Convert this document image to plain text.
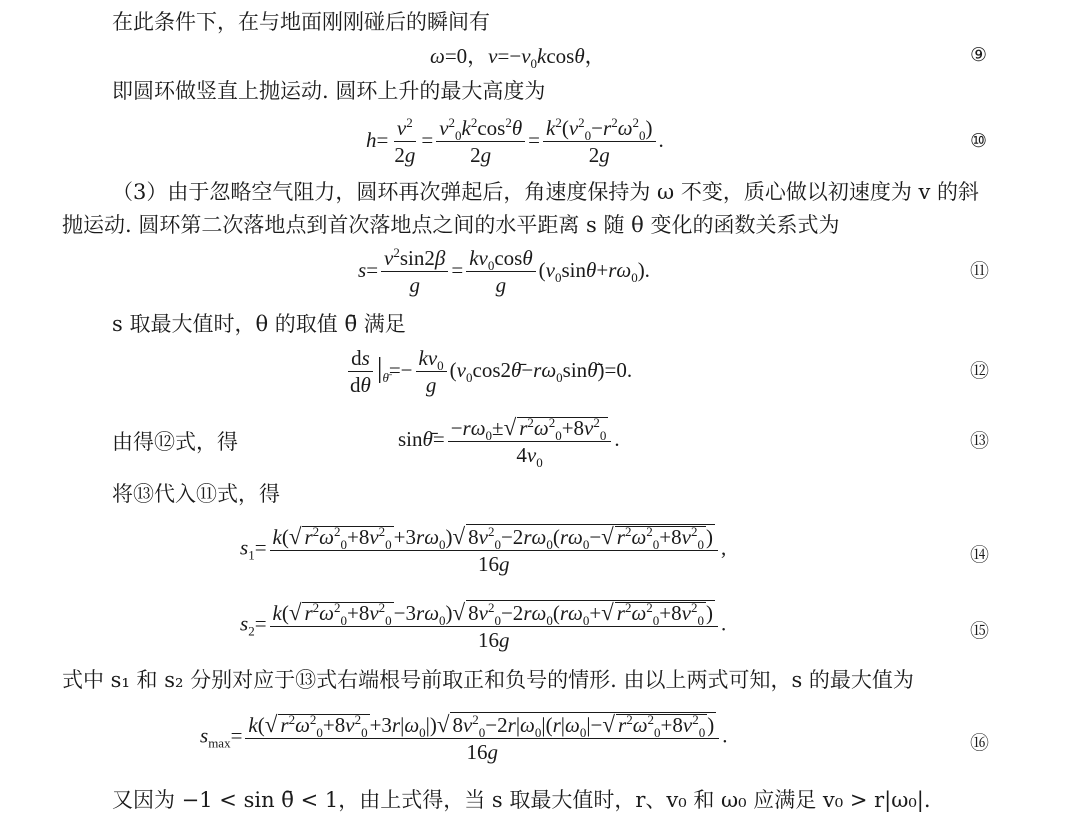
在此条件下，在与地面刚刚碰后的瞬间有
ω=0，$v=-v_0kcos\theta$，	⑨
即圆环做竖直上抛运动. 圆环上升的最大高度为
$h= \frac{v^2}{2g} = \frac{v^2_0k^2\cos^2\theta}{2g} = \frac{k^2(v^2_0-r^2\omega^2_0)}{2g}$ .	⑩
（3）由于忽略空气阻力，圆环再次弹起后，角速度保持为 ω 不变，质心做以初速度为 v 的斜
抛运动. 圆环第二次落地点到首次落地点之间的水平距离 s 随 θ 变化的函数关系式为
$s= \frac{v^2\sin 2\beta}{g} = \frac{kv_0\cos\theta}{g} (v_0\sin\theta+r\omega_0)$.	⑪
s 取最大值时，θ 的取值 θ̄ 满足
$\frac{ds}{d\theta} |_{\thetā}=- \frac{kv_0}{g}$ $(v_0\cos 2\thetā-r\omega_0\sin\thetā)=0$.	⑫
由得⑫式，得	sinθ̄= $\frac{-r\omega_0\pm√ r^2\omega^2_0+8v^2_0}{4v_0}$ .	⑬
将⑬代入⑪式，得
$s_1= \frac{k(√ r^2\omega^2_0+8v^2_0+3r\omega_0)√ 8v^2_0-2r\omega_0(r\omega_0-√ r^2\omega^2_0+8v^2_0)}{16g}$ ,	⑭
$s_2= \frac{k(√ r^2\omega^2_0+8v^2_0-3r\omega_0)√ 8v^2_0-2r\omega_0(r\omega_0+√ r^2\omega^2_0+8v^2_0)}{16g}$ .	⑮
式中 s₁ 和 s₂ 分别对应于⑬式右端根号前取正和负号的情形. 由以上两式可知，s 的最大值为
$s_{max}= \frac{k(√ r^2\omega^2_0+8v^2_0+3r|\omega_0|)√ 8v^2_0-2r|\omega_0|(r|\omega_0|-√ r^2\omega^2_0+8v^2_0)}{16g}$ .	⑯
又因为 −1 < sin θ̄ < 1，由上式得，当 s 取最大值时，r、v₀ 和 ω₀ 应满足 v₀ > r|ω₀|.
